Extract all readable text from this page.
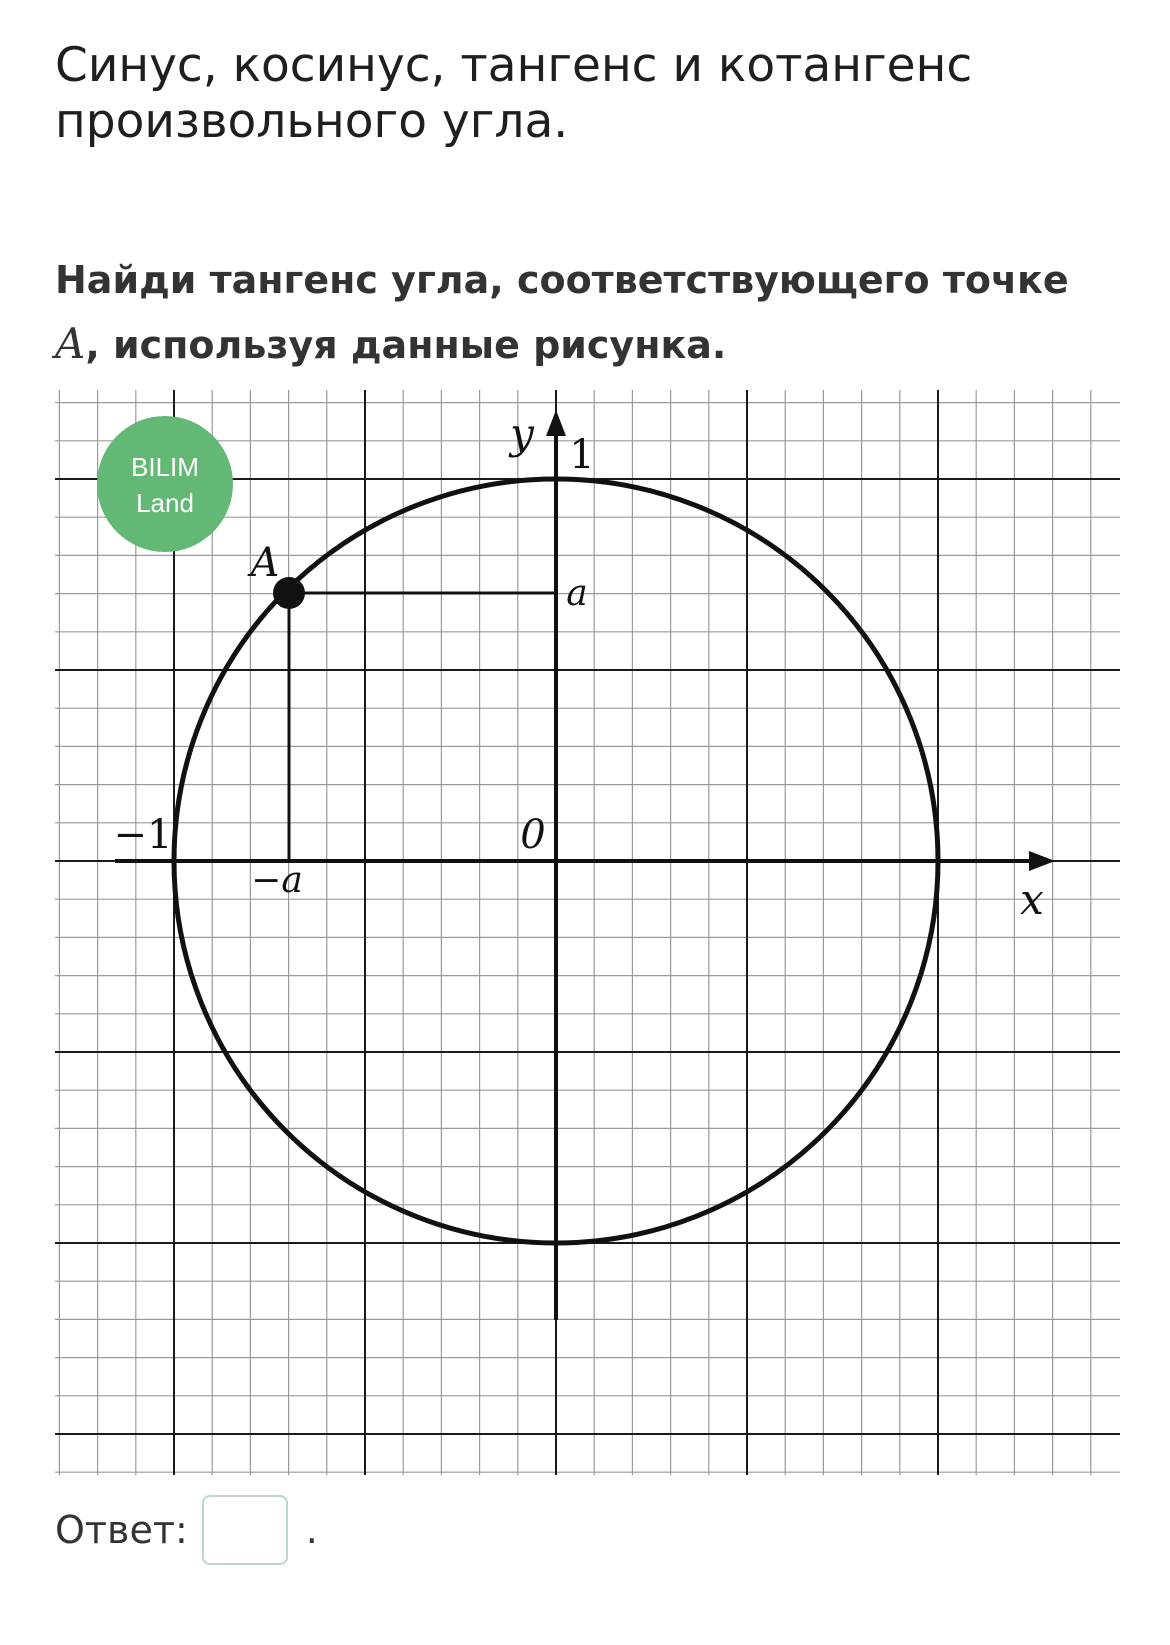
Синус, косинус, тангенс и котангенс произвольного угла.

Найди тангенс угла, соответствующего точке A, используя данные рисунка.

BILIM
Land
A
y 1
a
−1	0
−a	x
Ответ:	.
